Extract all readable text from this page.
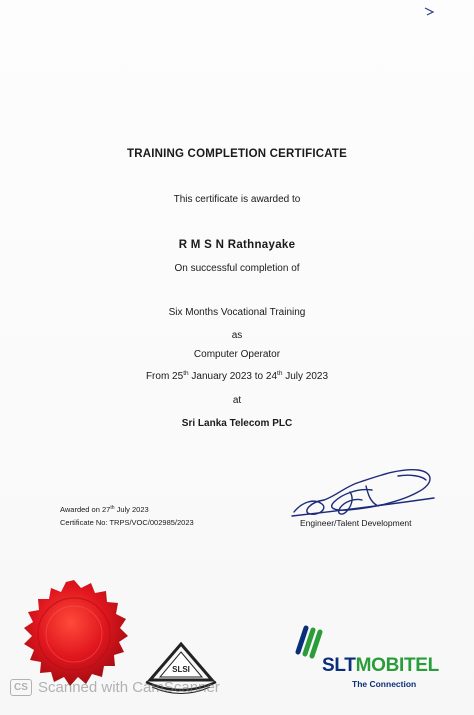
TRAINING COMPLETION CERTIFICATE
This certificate is awarded to
R M S N Rathnayake
On successful completion of
Six Months Vocational Training
as
Computer Operator
From 25th January 2023 to 24th July 2023
at
Sri Lanka Telecom PLC
Awarded on 27th July 2023
Certificate No: TRPS/VOC/002985/2023	Engineer/Talent Development
SLSI
CS Scanned with CamScanner
SLTMOBITEL
The Connection
